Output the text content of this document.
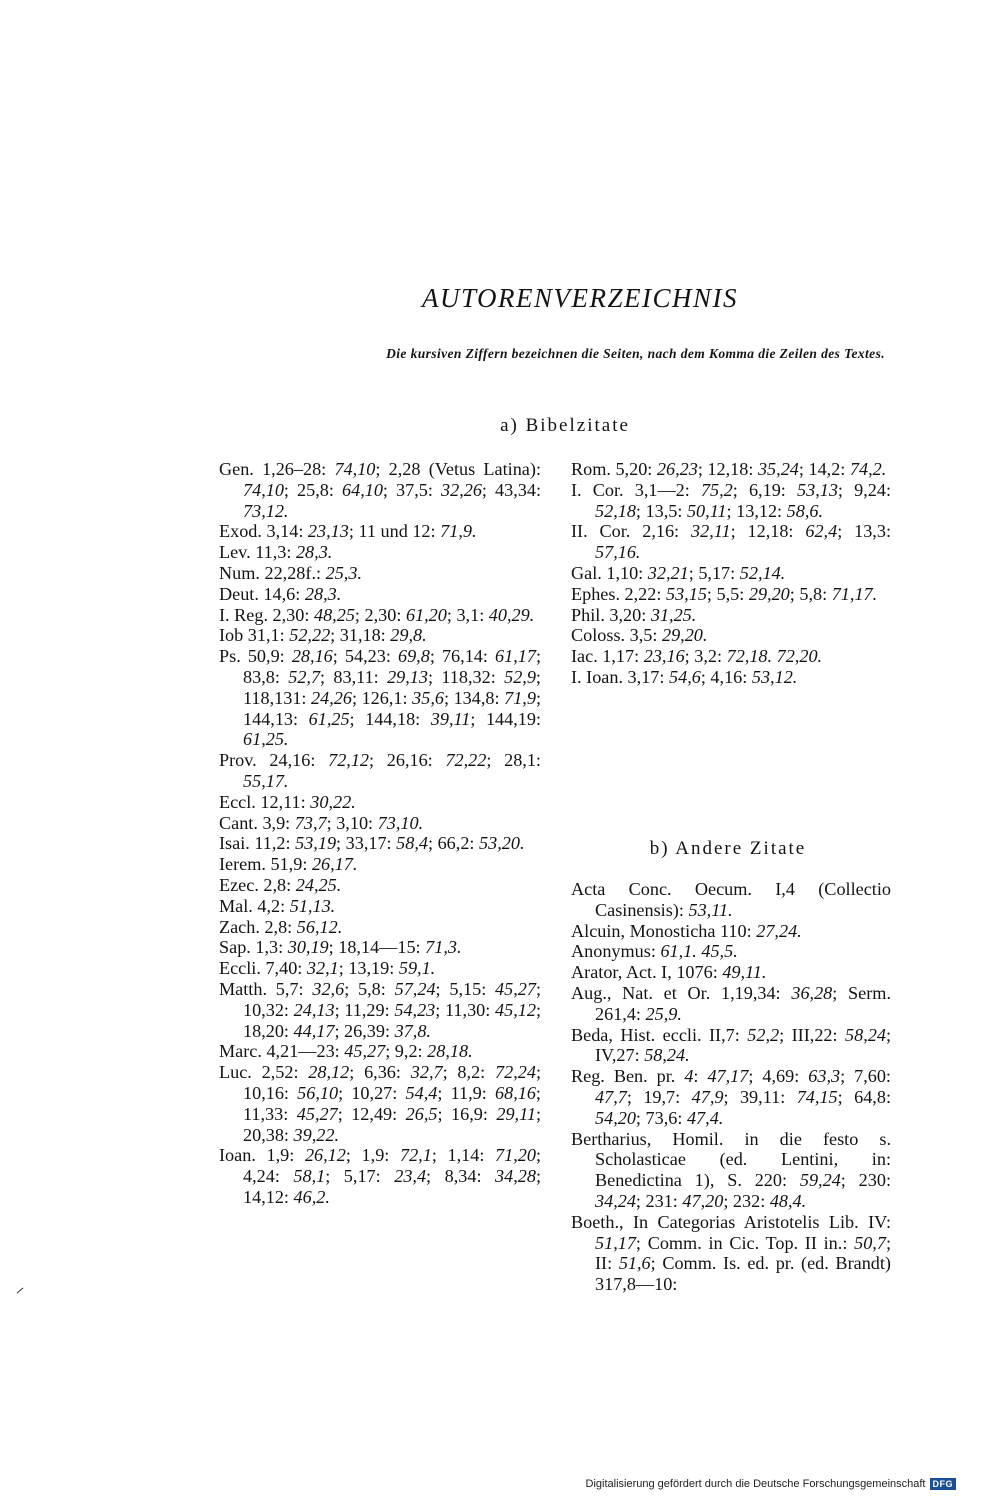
AUTORENVERZEICHNIS
Die kursiven Ziffern bezeichnen die Seiten, nach dem Komma die Zeilen des Textes.
a) Bibelzitate

Gen. 1,26–28: 74,10; 2,28 (Vetus Latina): 74,10; 25,8: 64,10; 37,5: 32,26; 43,34: 73,12.

Exod. 3,14: 23,13; 11 und 12: 71,9.

Lev. 11,3: 28,3.

Num. 22,28f.: 25,3.

Deut. 14,6: 28,3.

I. Reg. 2,30: 48,25; 2,30: 61,20; 3,1: 40,29.

Iob 31,1: 52,22; 31,18: 29,8.

Ps. 50,9: 28,16; 54,23: 69,8; 76,14: 61,17; 83,8: 52,7; 83,11: 29,13; 118,32: 52,9; 118,131: 24,26; 126,1: 35,6; 134,8: 71,9; 144,13: 61,25; 144,18: 39,11; 144,19: 61,25.

Prov. 24,16: 72,12; 26,16: 72,22; 28,1: 55,17.

Eccl. 12,11: 30,22.

Cant. 3,9: 73,7; 3,10: 73,10.

Isai. 11,2: 53,19; 33,17: 58,4; 66,2: 53,20.

Ierem. 51,9: 26,17.

Ezec. 2,8: 24,25.

Mal. 4,2: 51,13.

Zach. 2,8: 56,12.

Sap. 1,3: 30,19; 18,14—15: 71,3.

Eccli. 7,40: 32,1; 13,19: 59,1.

Matth. 5,7: 32,6; 5,8: 57,24; 5,15: 45,27; 10,32: 24,13; 11,29: 54,23; 11,30: 45,12; 18,20: 44,17; 26,39: 37,8.

Marc. 4,21—23: 45,27; 9,2: 28,18.

Luc. 2,52: 28,12; 6,36: 32,7; 8,2: 72,24; 10,16: 56,10; 10,27: 54,4; 11,9: 68,16; 11,33: 45,27; 12,49: 26,5; 16,9: 29,11; 20,38: 39,22.

Ioan. 1,9: 26,12; 1,9: 72,1; 1,14: 71,20; 4,24: 58,1; 5,17: 23,4; 8,34: 34,28; 14,12: 46,2.

Rom. 5,20: 26,23; 12,18: 35,24; 14,2: 74,2.

I. Cor. 3,1—2: 75,2; 6,19: 53,13; 9,24: 52,18; 13,5: 50,11; 13,12: 58,6.

II. Cor. 2,16: 32,11; 12,18: 62,4; 13,3: 57,16.

Gal. 1,10: 32,21; 5,17: 52,14.

Ephes. 2,22: 53,15; 5,5: 29,20; 5,8: 71,17.

Phil. 3,20: 31,25.

Coloss. 3,5: 29,20.

Iac. 1,17: 23,16; 3,2: 72,18. 72,20.

I. Ioan. 3,17: 54,6; 4,16: 53,12.

b) Andere Zitate

Acta Conc. Oecum. I,4 (Collectio Casinensis): 53,11.

Alcuin, Monosticha 110: 27,24.

Anonymus: 61,1. 45,5.

Arator, Act. I, 1076: 49,11.

Aug., Nat. et Or. 1,19,34: 36,28; Serm. 261,4: 25,9.

Beda, Hist. eccli. II,7: 52,2; III,22: 58,24; IV,27: 58,24.

Reg. Ben. pr. 4: 47,17; 4,69: 63,3; 7,60: 47,7; 19,7: 47,9; 39,11: 74,15; 64,8: 54,20; 73,6: 47,4.

Bertharius, Homil. in die festo s. Scholasticae (ed. Lentini, in: Benedictina 1), S. 220: 59,24; 230: 34,24; 231: 47,20; 232: 48,4.

Boeth., In Categorias Aristotelis Lib. IV: 51,17; Comm. in Cic. Top. II in.: 50,7; II: 51,6; Comm. Is. ed. pr. (ed. Brandt) 317,8—10:

Digitalisierung gefördert durch die Deutsche Forschungsgemeinschaft DFG
